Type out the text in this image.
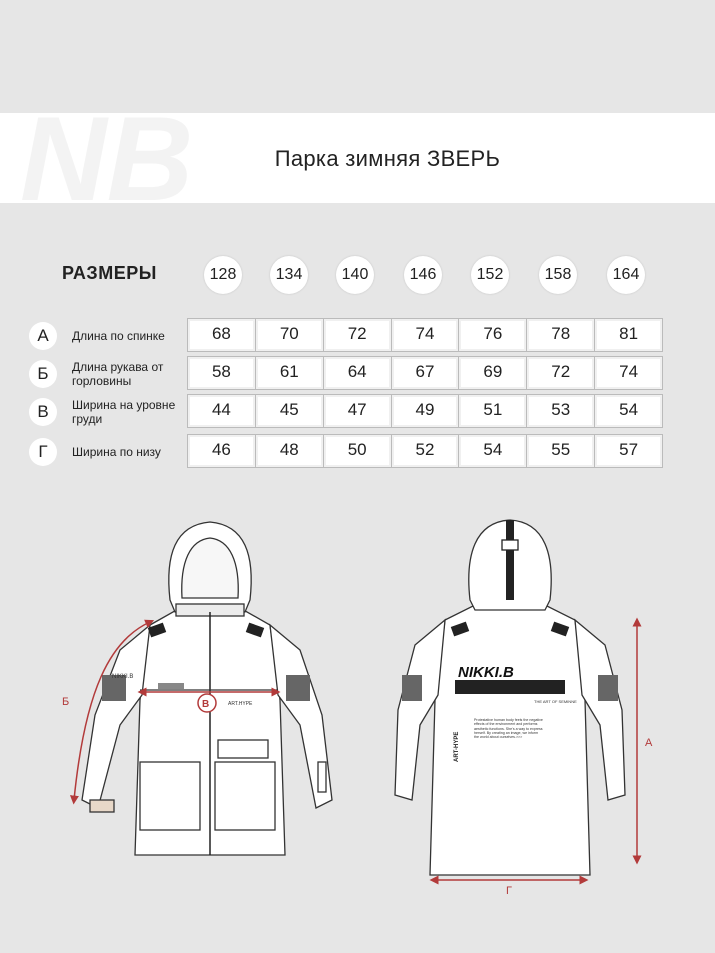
NB	Парка зимняя ЗВЕРЬ
РАЗМЕРЫ	128	134	140	146	152	158	164
А	Длина по спинке	68	70	72	74	76	78	81
Б	Длина рукава от горловины	58	61	64	67	69	72	74
В	Ширина на уровне груди	44	45	47	49	51	53	54
Г	Ширина по низу	46	48	50	52	54	55	57
NIKKI.B
ART.HYPE
Б	В
NIKKI.B
THE ART OF SEMINNE
ART-HYPE
Protestative human body feels the negative effects of the environment and performs aesthetic functions. She's a way to express herself. By creating an image, we inform the world about ourselves.>>>	А
Г
